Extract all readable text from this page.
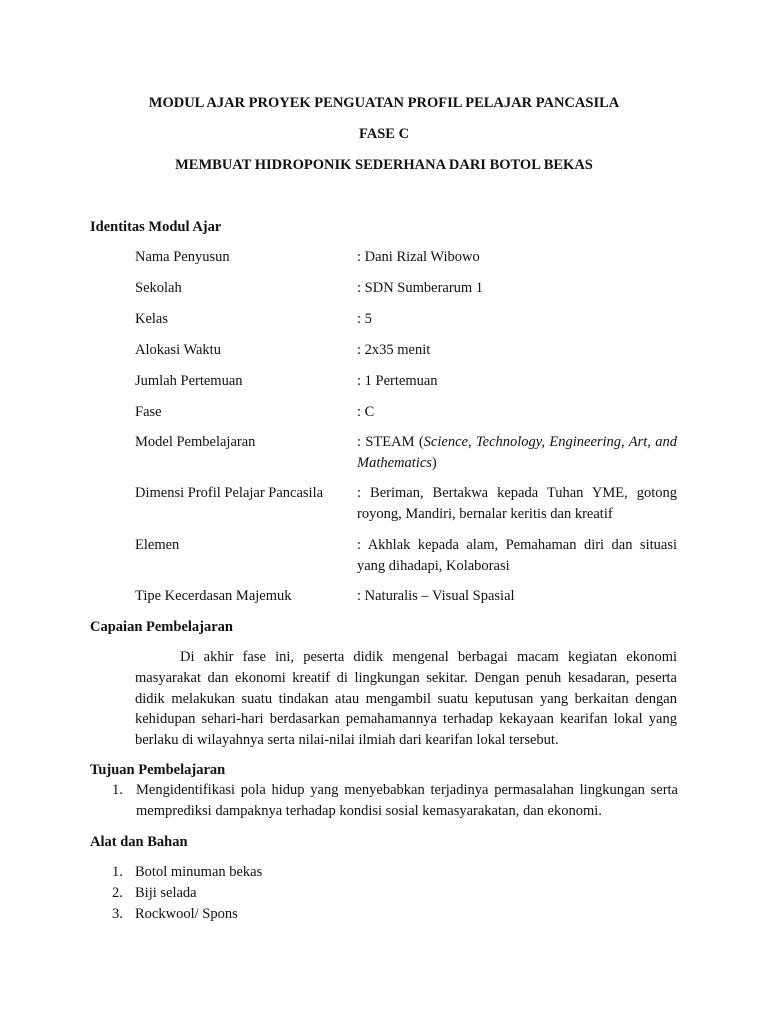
MODUL AJAR PROYEK PENGUATAN PROFIL PELAJAR PANCASILA
FASE C
MEMBUAT HIDROPONIK SEDERHANA DARI BOTOL BEKAS
Identitas Modul Ajar
Nama Penyusun	: Dani Rizal Wibowo
Sekolah	: SDN Sumberarum 1
Kelas	: 5
Alokasi Waktu	: 2x35 menit
Jumlah Pertemuan	: 1 Pertemuan
Fase	: C
Model Pembelajaran	: STEAM (Science, Technology, Engineering, Art, and Mathematics)
Dimensi Profil Pelajar Pancasila	: Beriman, Bertakwa kepada Tuhan YME, gotong royong, Mandiri, bernalar keritis dan kreatif
Elemen	: Akhlak kepada alam, Pemahaman diri dan situasi yang dihadapi, Kolaborasi
Tipe Kecerdasan Majemuk	: Naturalis – Visual Spasial
Capaian Pembelajaran
Di akhir fase ini, peserta didik mengenal berbagai macam kegiatan ekonomi masyarakat dan ekonomi kreatif di lingkungan sekitar. Dengan penuh kesadaran, peserta didik melakukan suatu tindakan atau mengambil suatu keputusan yang berkaitan dengan kehidupan sehari-hari berdasarkan pemahamannya terhadap kekayaan kearifan lokal yang berlaku di wilayahnya serta nilai-nilai ilmiah dari kearifan lokal tersebut.
Tujuan Pembelajaran
1. Mengidentifikasi pola hidup yang menyebabkan terjadinya permasalahan lingkungan serta memprediksi dampaknya terhadap kondisi sosial kemasyarakatan, dan ekonomi.
Alat dan Bahan
1. Botol minuman bekas
2. Biji selada
3. Rockwool/ Spons
